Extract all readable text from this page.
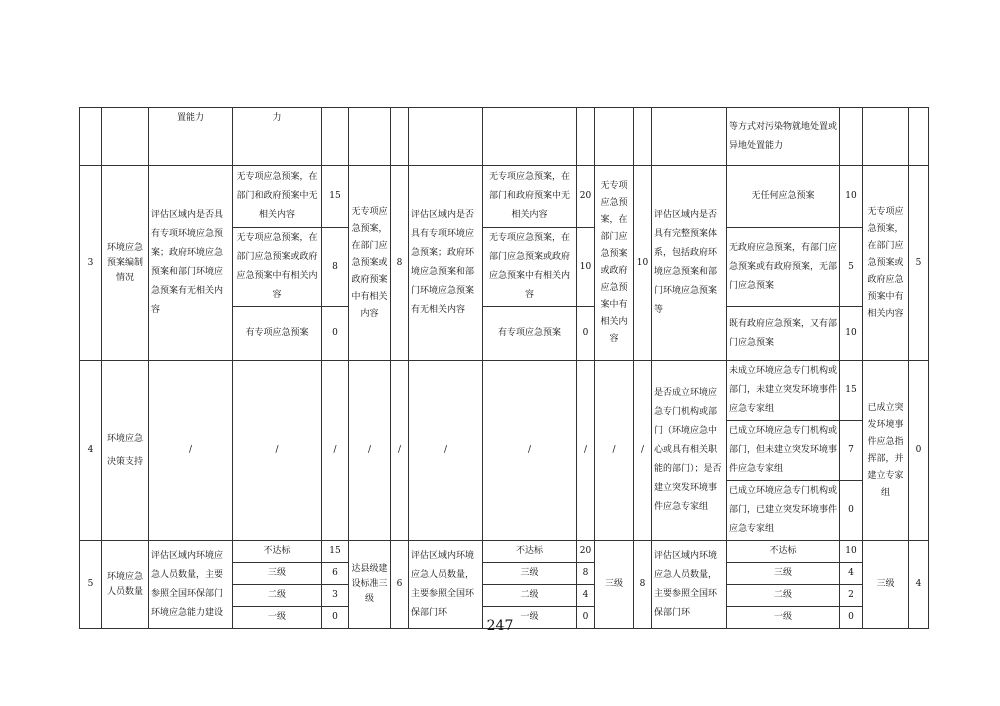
		置能力	力										等方式对污染物就地处置或异地处置能力			
3	环境应急预案编制情况	评估区域内是否具有专项环境应急预案；政府环境应急预案和部门环境应急预案有无相关内容	无专项应急预案，在部门和政府预案中无相关内容	15	无专项应急预案，在部门应急预案或政府预案中有相关内容	8	评估区域内是否具有专项环境应急预案；政府环境应急预案和部门环境应急预案有无相关内容	无专项应急预案，在部门和政府预案中无相关内容	20	无专项应急预案，在部门应急预案或政府应急预案中有相关内容	10	评估区域内是否具有完整预案体系，包括政府环境应急预案和部门环境应急预案等	无任何应急预案	10	无专项应急预案，在部门应急预案或政府应急预案中有相关内容	5
			无专项应急预案，在部门应急预案或政府应急预案中有相关内容	8				无专项应急预案，在部门应急预案或政府应急预案中有相关内容	10				无政府应急预案，有部门应急预案或有政府预案，无部门应急预案	5		
			有专项应急预案	0				有专项应急预案	0				既有政府应急预案，又有部门应急预案	10		
4	环境应急决策支持	/	/	/	/	/	/	/	/	/	/	是否成立环境应急专门机构或部门（环境应急中心或具有相关职能的部门）；是否建立突发环境事件应急专家组	未成立环境应急专门机构或部门，未建立突发环境事件应急专家组	15	已成立突发环境事件应急指挥部，并建立专家组	0
													已成立环境应急专门机构或部门，但未建立突发环境事件应急专家组	7		
													已成立环境应急专门机构或部门，已建立突发环境事件应急专家组	0		
5	环境应急人员数量	评估区域内环境应急人员数量，主要参照全国环保部门环境应急能力建设	不达标	15	达县级建设标准三级	6	评估区域内环境应急人员数量，主要参照全国环保部门环	不达标	20	三级	8	评估区域内环境应急人员数量，主要参照全国环保部门环	不达标	10	三级	4
			三级	6				三级	8				三级	4		
			二级	3				二级	4				二级	2		
			一级	0				一级	0				一级	0		
247
